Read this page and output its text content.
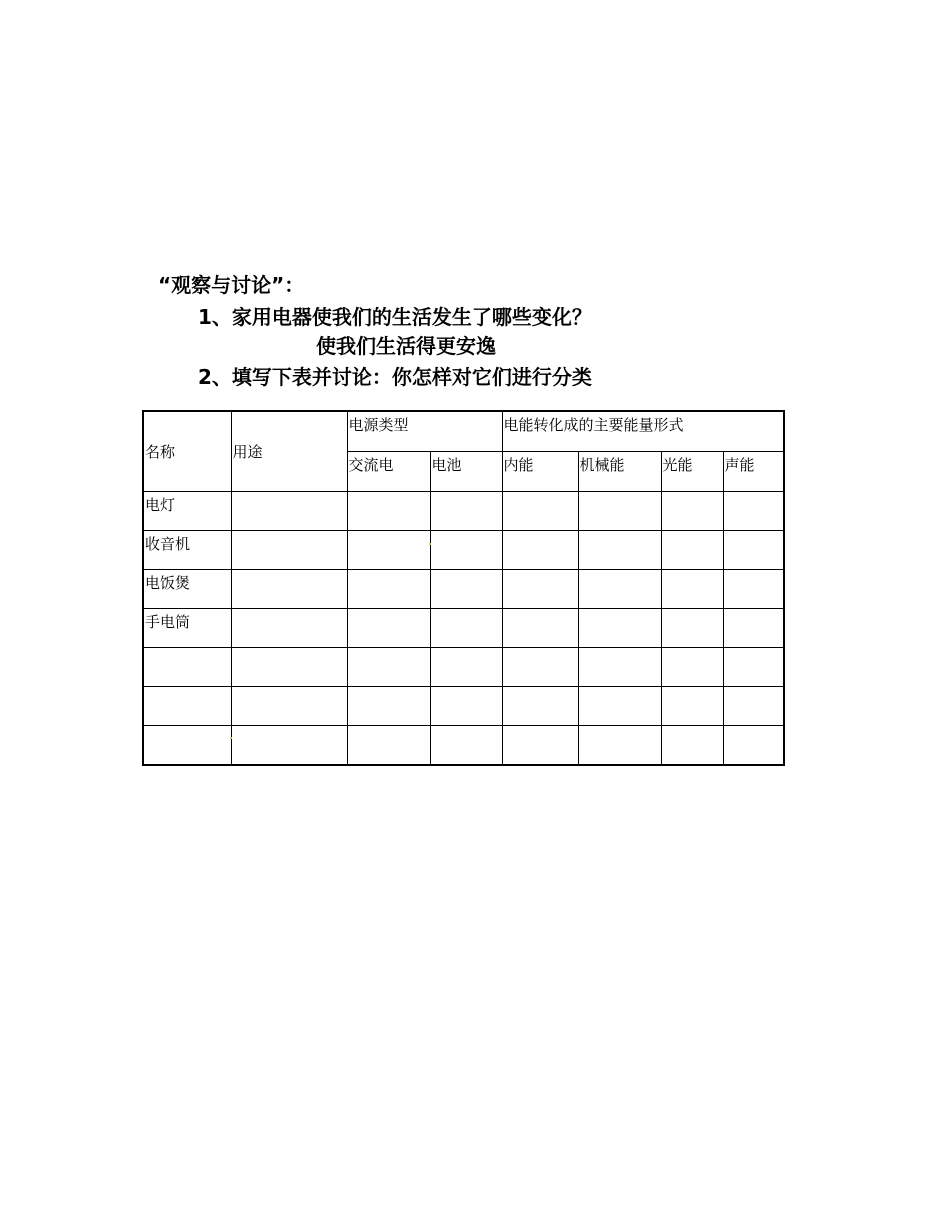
“观察与讨论”：

1、家用电器使我们的生活发生了哪些变化？

使我们生活得更安逸

2、填写下表并讨论：你怎样对它们进行分类

名称	用途	电源类型		电能转化成的主要能量形式			
		交流电	电池	内能	机械能	光能	声能
电灯							
收音机							
电饭煲							
手电筒							
